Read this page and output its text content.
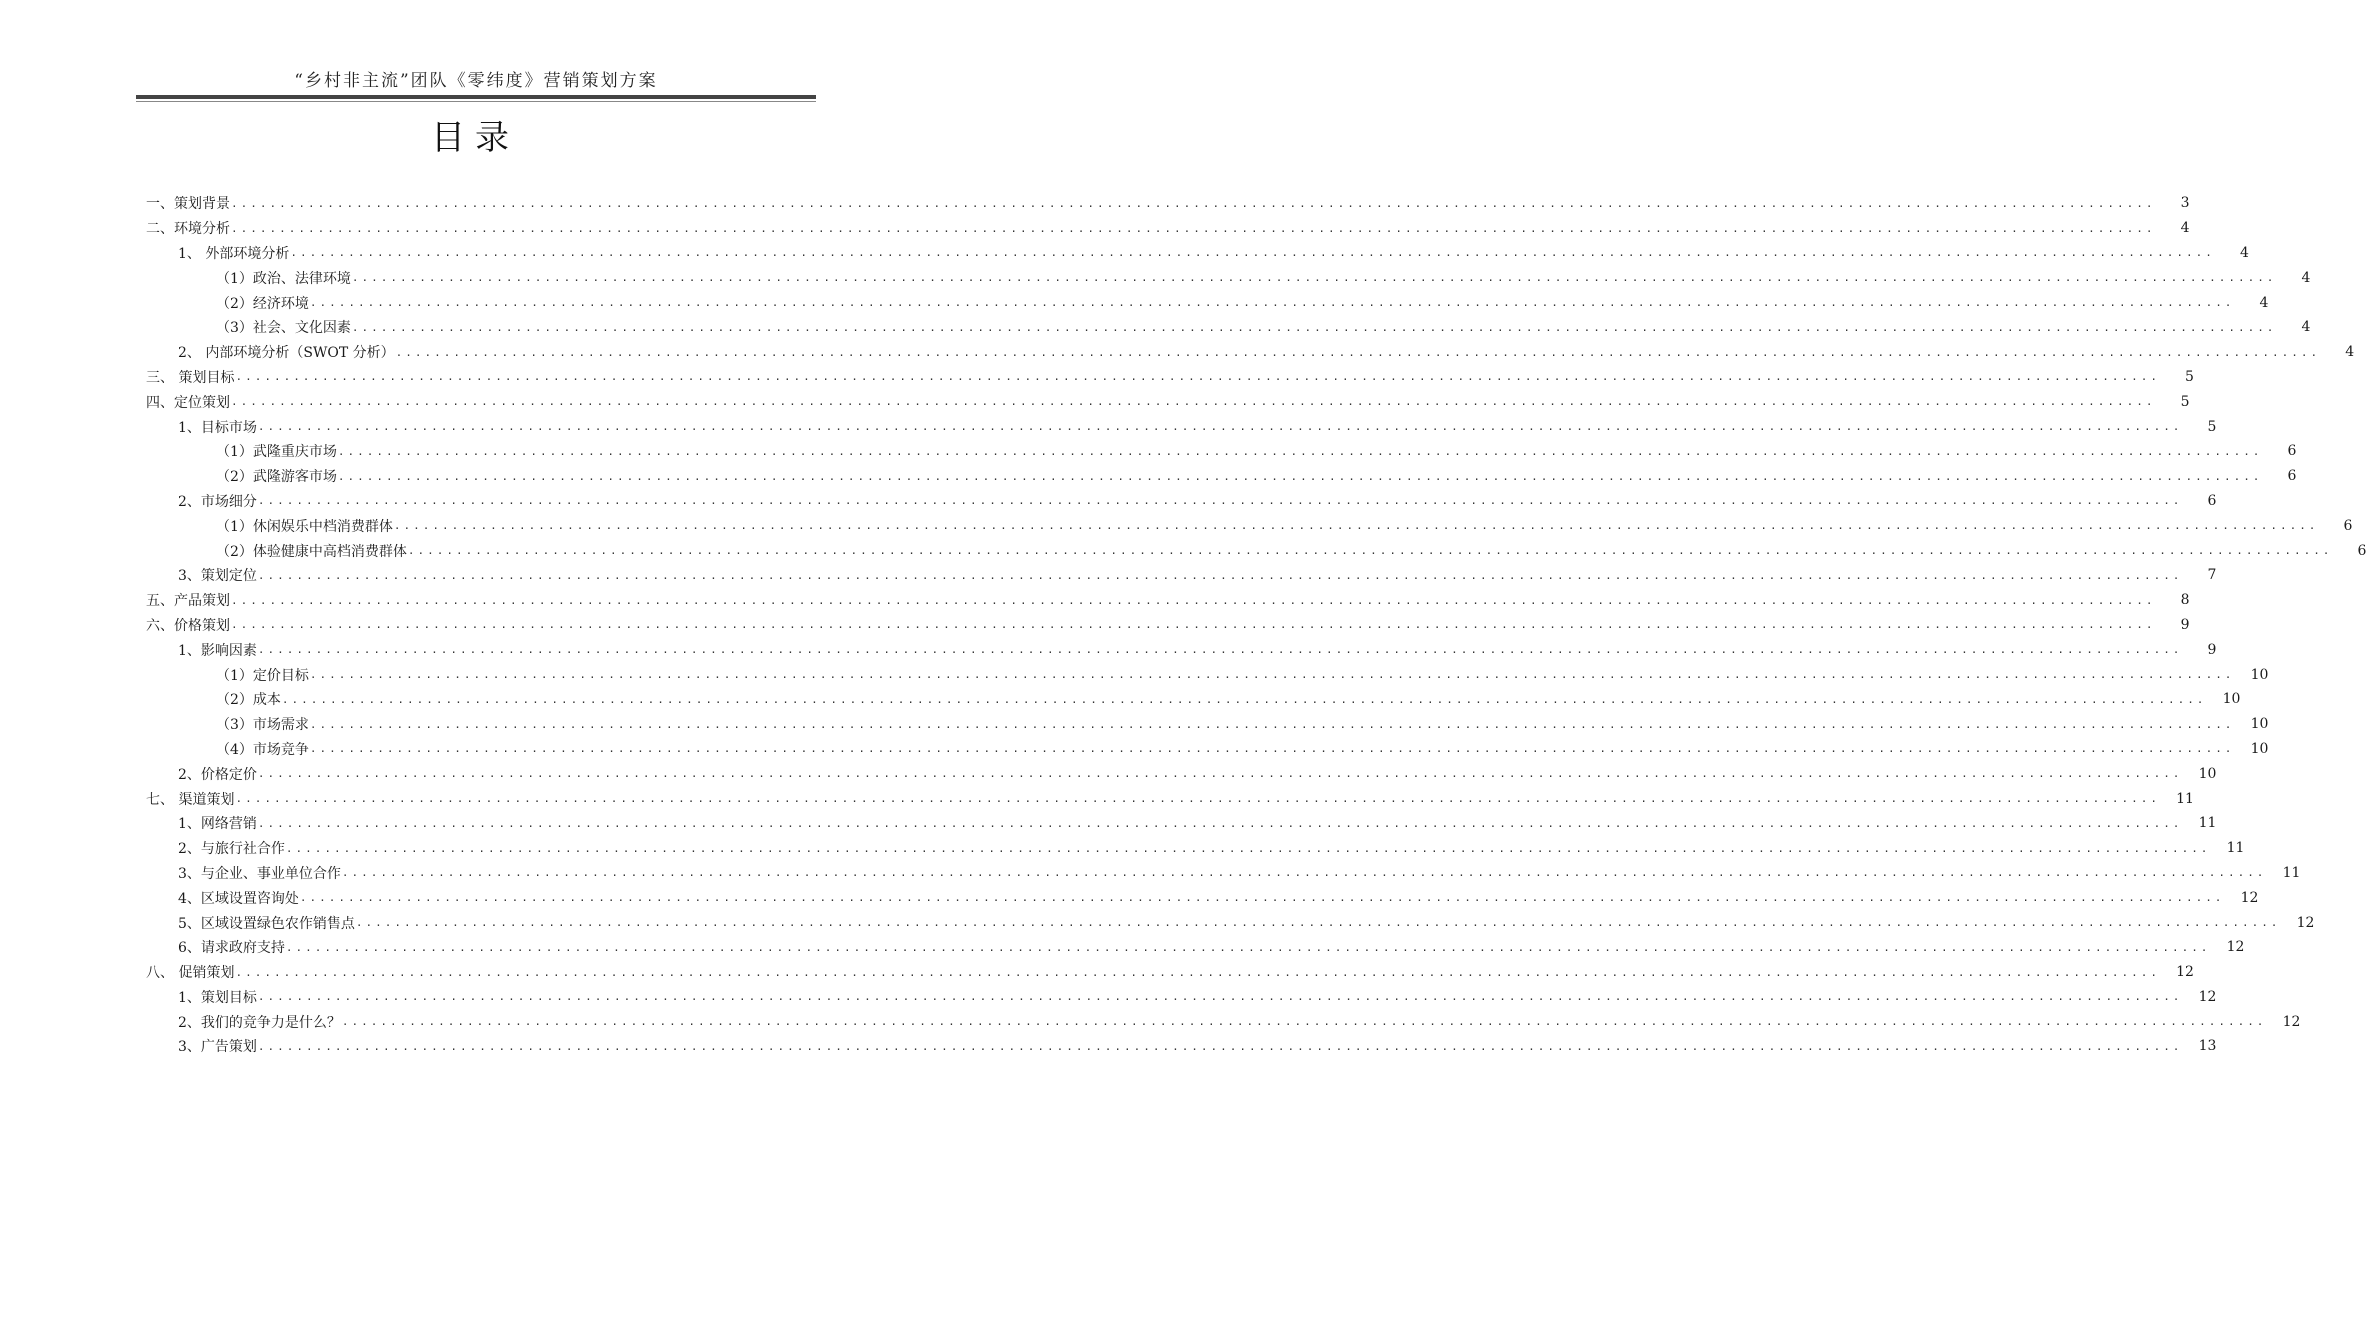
“乡村非主流”团队《零纬度》营销策划方案
目录
一、策划背景 ........................................................................................................................................................................................................	3
二、环境分析 ........................................................................................................................................................................................................	4
1、 外部环境分析 ........................................................................................................................................................................................................	4
（1）政治、法律环境 ........................................................................................................................................................................................................	4
（2）经济环境 ........................................................................................................................................................................................................	4
（3）社会、文化因素 ........................................................................................................................................................................................................	4
2、 内部环境分析（SWOT 分析） ........................................................................................................................................................................................................	4
三、 策划目标 ........................................................................................................................................................................................................	5
四、定位策划 ........................................................................................................................................................................................................	5
1、目标市场 ........................................................................................................................................................................................................	5
（1）武隆重庆市场 ........................................................................................................................................................................................................	6
（2）武隆游客市场 ........................................................................................................................................................................................................	6
2、市场细分 ........................................................................................................................................................................................................	6
（1）休闲娱乐中档消费群体 ........................................................................................................................................................................................................	6
（2）体验健康中高档消费群体 ........................................................................................................................................................................................................	6
3、策划定位 ........................................................................................................................................................................................................	7
五、产品策划 ........................................................................................................................................................................................................	8
六、价格策划 ........................................................................................................................................................................................................	9
1、影响因素 ........................................................................................................................................................................................................	9
（1）定价目标 ........................................................................................................................................................................................................	10
（2）成本 ........................................................................................................................................................................................................	10
（3）市场需求 ........................................................................................................................................................................................................	10
（4）市场竞争 ........................................................................................................................................................................................................	10
2、价格定价 ........................................................................................................................................................................................................	10
七、 渠道策划 ........................................................................................................................................................................................................	11
1、网络营销 ........................................................................................................................................................................................................	11
2、与旅行社合作 ........................................................................................................................................................................................................	11
3、与企业、事业单位合作 ........................................................................................................................................................................................................	11
4、区域设置咨询处 ........................................................................................................................................................................................................	12
5、区域设置绿色农作销售点 ........................................................................................................................................................................................................	12
6、请求政府支持 ........................................................................................................................................................................................................	12
八、 促销策划 ........................................................................................................................................................................................................	12
1、策划目标 ........................................................................................................................................................................................................	12
2、我们的竞争力是什么？ ........................................................................................................................................................................................................	12
3、广告策划 ........................................................................................................................................................................................................	13
